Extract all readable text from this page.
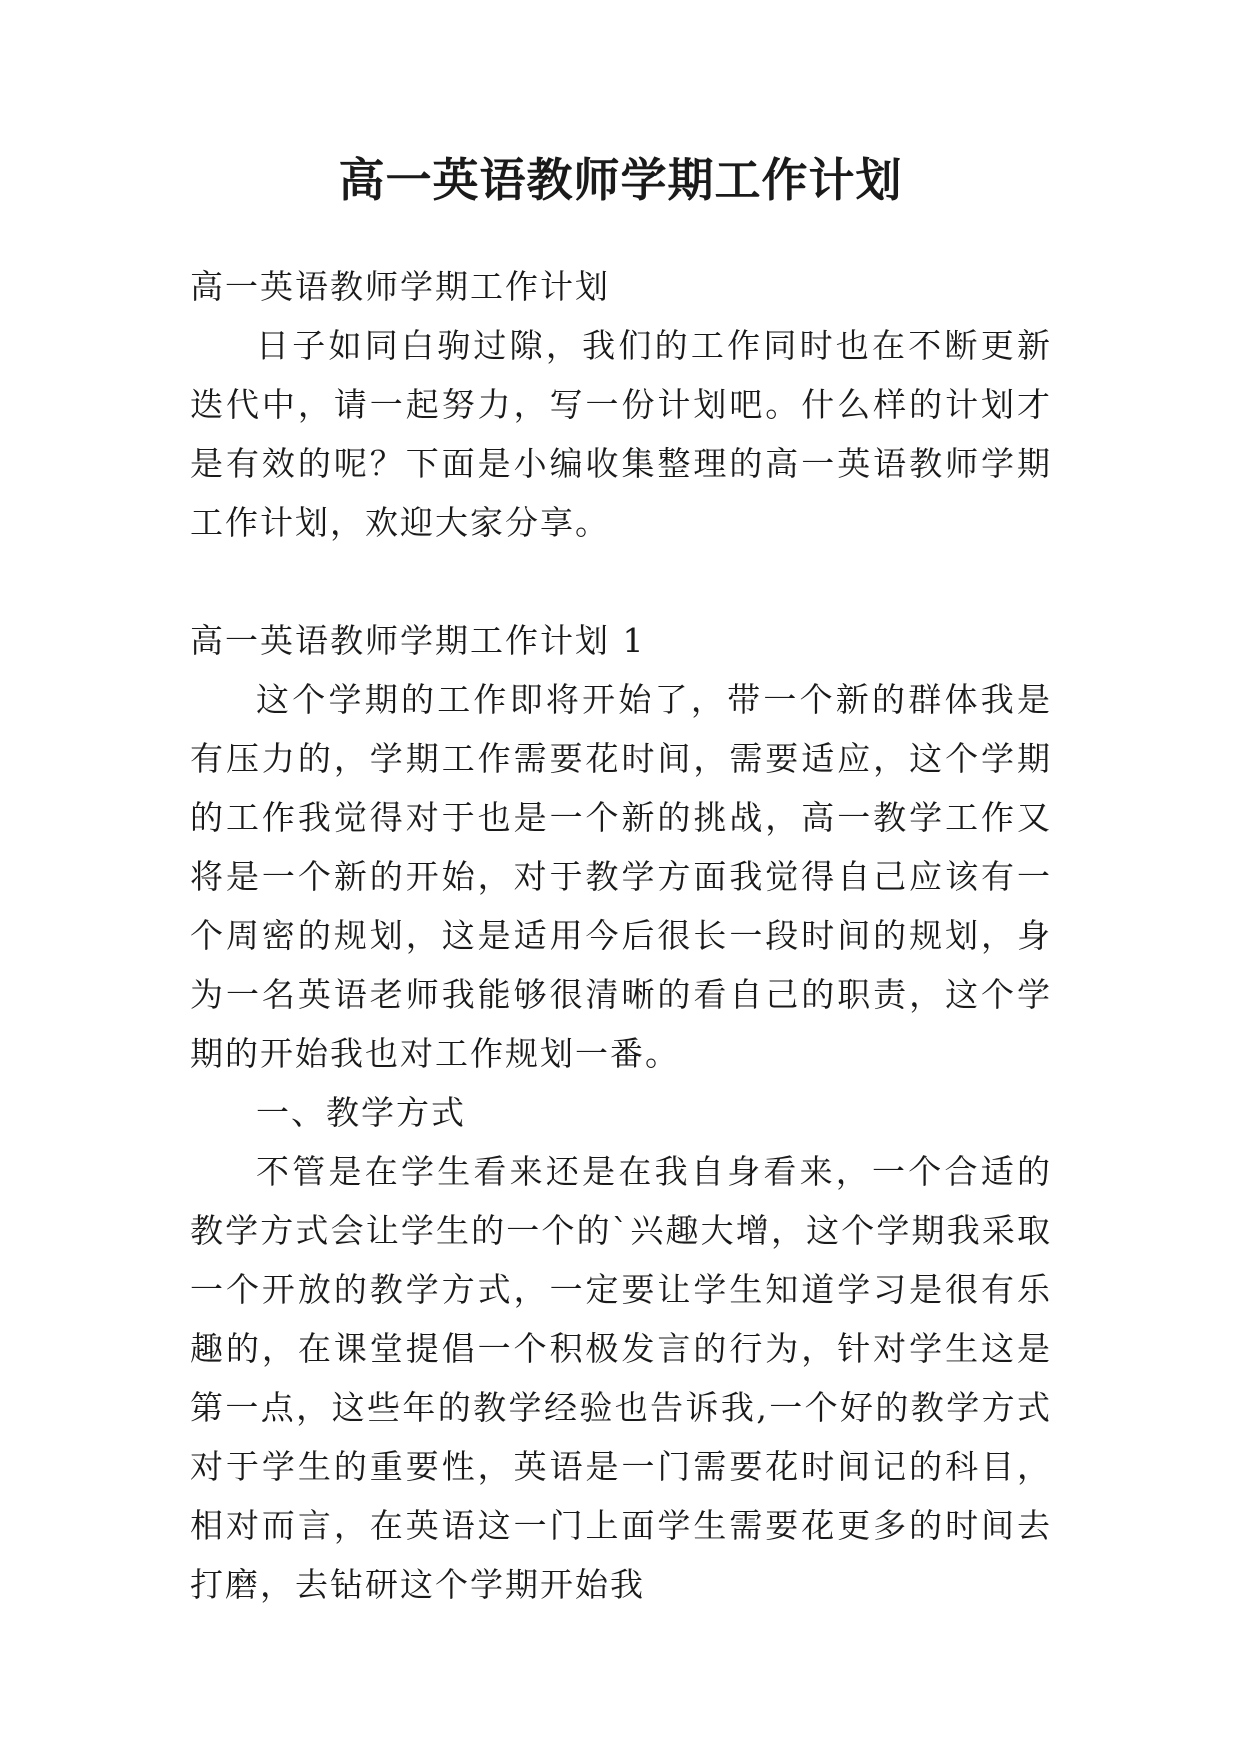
高一英语教师学期工作计划

高一英语教师学期工作计划

日子如同白驹过隙，我们的工作同时也在不断更新迭代中，请一起努力，写一份计划吧。什么样的计划才是有效的呢？下面是小编收集整理的高一英语教师学期工作计划，欢迎大家分享。

高一英语教师学期工作计划 1

这个学期的工作即将开始了，带一个新的群体我是有压力的，学期工作需要花时间，需要适应，这个学期的工作我觉得对于也是一个新的挑战，高一教学工作又将是一个新的开始，对于教学方面我觉得自己应该有一个周密的规划，这是适用今后很长一段时间的规划，身为一名英语老师我能够很清晰的看自己的职责，这个学期的开始我也对工作规划一番。

一、教学方式

不管是在学生看来还是在我自身看来，一个合适的教学方式会让学生的一个的`兴趣大增，这个学期我采取一个开放的教学方式，一定要让学生知道学习是很有乐趣的，在课堂提倡一个积极发言的行为，针对学生这是第一点，这些年的教学经验也告诉我,一个好的教学方式对于学生的重要性，英语是一门需要花时间记的科目，相对而言，在英语这一门上面学生需要花更多的时间去打磨，去钻研这个学期开始我
